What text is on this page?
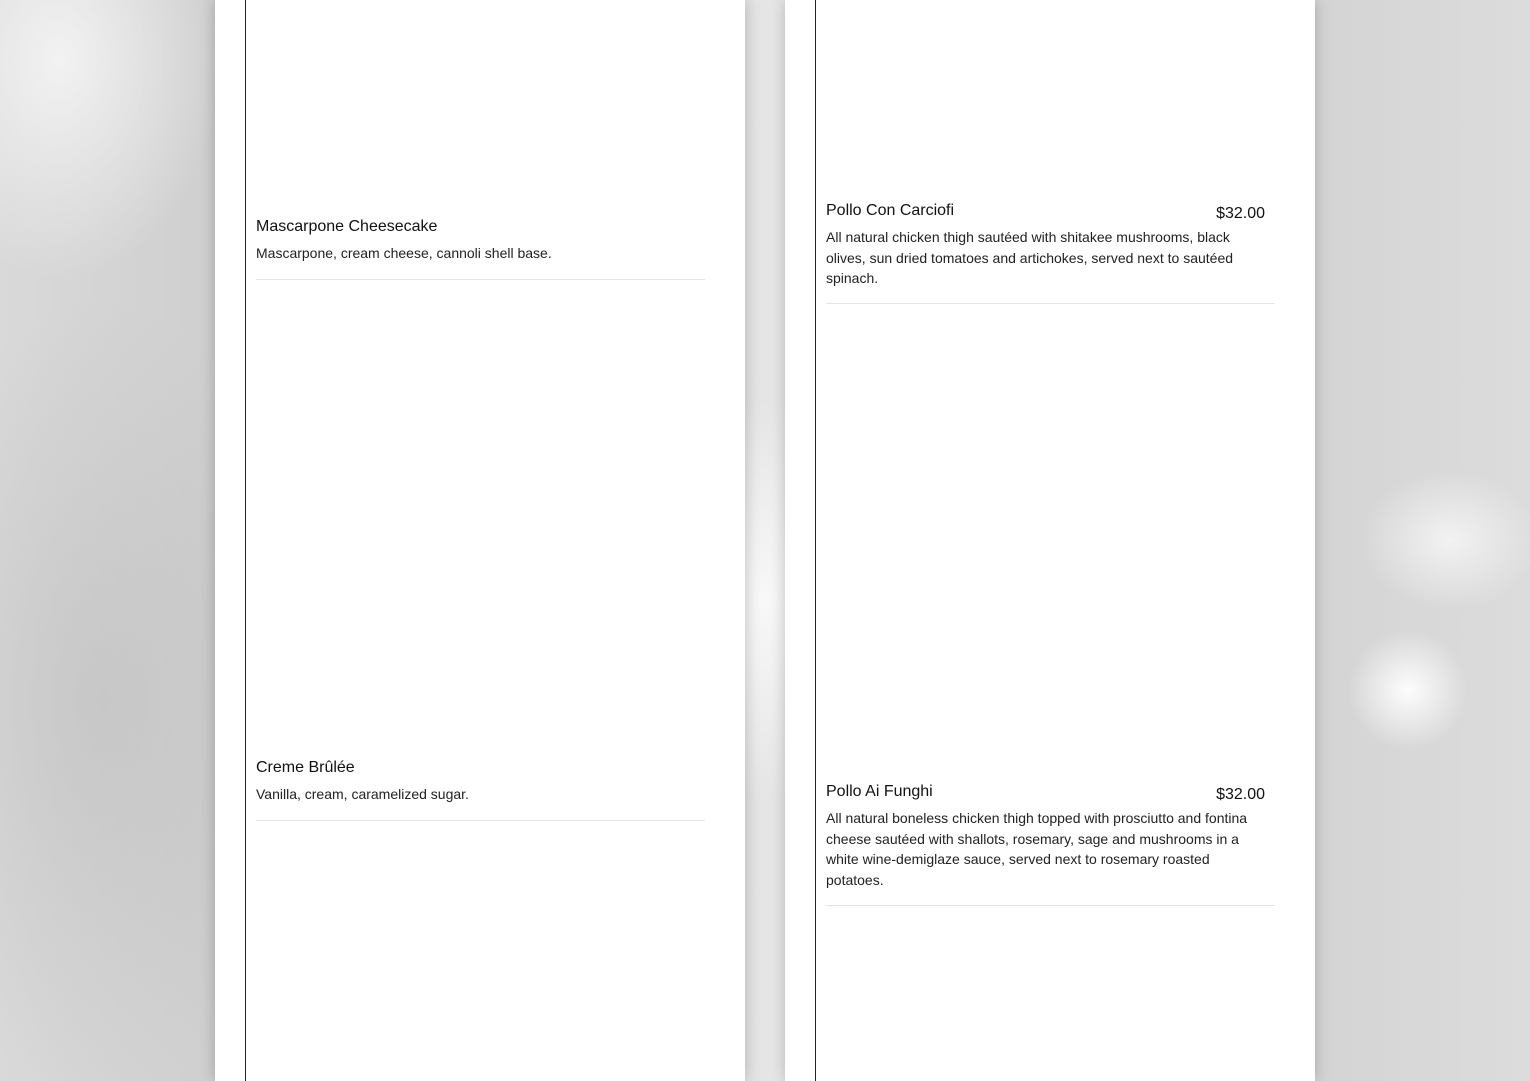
Mascarpone Cheesecake
Mascarpone, cream cheese, cannoli shell base.
Creme Brûlée
Vanilla, cream, caramelized sugar.
Pollo Con Carciofi	$32.00
All natural chicken thigh sautéed with shitakee mushrooms, black olives, sun dried tomatoes and artichokes, served next to sautéed spinach.
Pollo Ai Funghi	$32.00
All natural boneless chicken thigh topped with prosciutto and fontina cheese sautéed with shallots, rosemary, sage and mushrooms in a white wine-demiglaze sauce, served next to rosemary roasted potatoes.
